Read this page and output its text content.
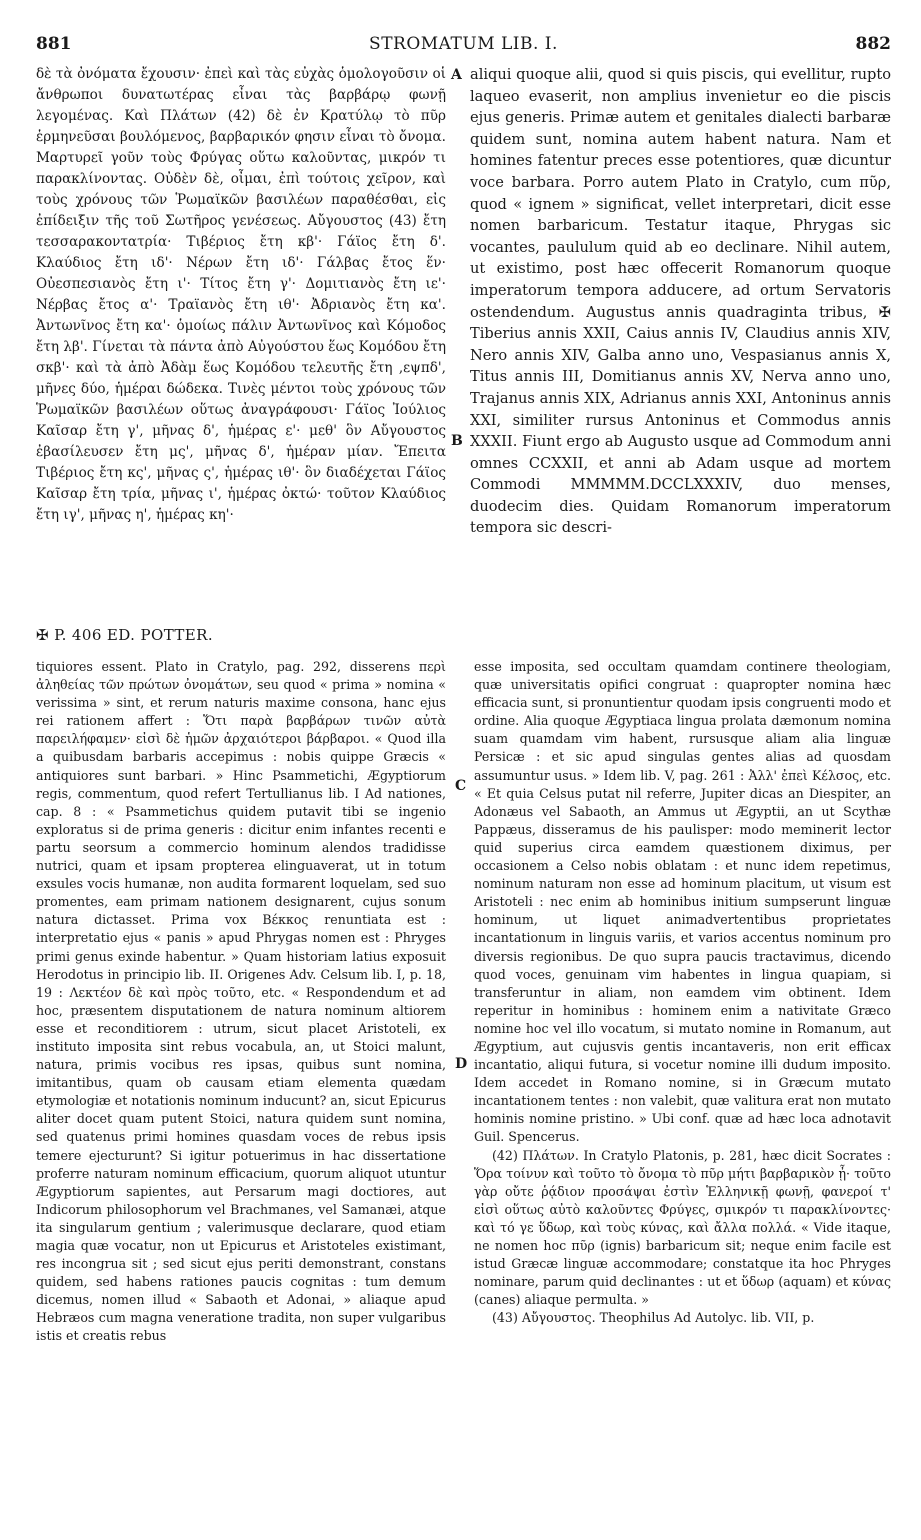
881	STROMATUM LIB. I.	882

δὲ τὰ ὀνόματα ἔχουσιν· ἐπεὶ καὶ τὰς εὐχὰς ὁμολογοῦσιν οἱ ἄνθρωποι δυνατωτέρας εἶναι τὰς βαρβάρῳ φωνῇ λεγομένας. Καὶ Πλάτων (42) δὲ ἐν Κρατύλῳ τὸ πῦρ ἑρμηνεῦσαι βουλόμενος, βαρβαρικόν φησιν εἶναι τὸ ὄνομα. Μαρτυρεῖ γοῦν τοὺς Φρύγας οὕτω καλοῦντας, μικρόν τι παρακλίνοντας. Οὐδὲν δὲ, οἶμαι, ἐπὶ τούτοις χεῖρον, καὶ τοὺς χρόνους τῶν Ῥωμαϊκῶν βασιλέων παραθέσθαι, εἰς ἐπίδειξιν τῆς τοῦ Σωτῆρος γενέσεως. Αὔγουστος (43) ἔτη τεσσαρακοντατρία· Τιβέριος ἔτη κβ'· Γάϊος ἔτη δ'. Κλαύδιος ἔτη ιδ'· Νέρων ἔτη ιδ'· Γάλβας ἔτος ἕν· Οὐεσπεσιανὸς ἔτη ι'· Τίτος ἔτη γ'· Δομιτιανὸς ἔτη ιε'· Νέρβας ἔτος α'· Τραϊανὸς ἔτη ιθ'· Ἀδριανὸς ἔτη κα'. Ἀντωνῖνος ἔτη κα'· ὁμοίως πάλιν Ἀντωνῖνος καὶ Κόμοδος ἔτη λβ'. Γίνεται τὰ πάντα ἀπὸ Αὐγούστου ἕως Κομόδου ἔτη σκβ'· καὶ τὰ ἀπὸ Ἀδὰμ ἕως Κομόδου τελευτῆς ἔτη ‚εψπδ', μῆνες δύο, ἡμέραι δώδεκα. Τινὲς μέντοι τοὺς χρόνους τῶν Ῥωμαϊκῶν βασιλέων οὕτως ἀναγράφουσι· Γάϊος Ἰούλιος Καῖσαρ ἔτη γ', μῆνας δ', ἡμέρας ε'· μεθ' ὃν Αὔγουστος ἐβασίλευσεν ἔτη μς', μῆνας δ', ἡμέραν μίαν. Ἔπειτα Τιβέριος ἔτη κς', μῆνας ς', ἡμέρας ιθ'· ὃν διαδέχεται Γάϊος Καῖσαρ ἔτη τρία, μῆνας ι', ἡμέρας ὀκτώ· τοῦτον Κλαύδιος ἔτη ιγ', μῆνας η', ἡμέρας κη'·

A
B
C
D

aliqui quoque alii, quod si quis piscis, qui evellitur, rupto laqueo evaserit, non amplius invenietur eo die piscis ejus generis. Primæ autem et genitales dialecti barbaræ quidem sunt, nomina autem habent natura. Nam et homines fatentur preces esse potentiores, quæ dicuntur voce barbara. Porro autem Plato in Cratylo, cum πῦρ, quod « ignem » significat, vellet interpretari, dicit esse nomen barbaricum. Testatur itaque, Phrygas sic vocantes, paululum quid ab eo declinare. Nihil autem, ut existimo, post hæc offecerit Romanorum quoque imperatorum tempora adducere, ad ortum Servatoris ostendendum. Augustus annis quadraginta tribus, ✠ Tiberius annis XXII, Caius annis IV, Claudius annis XIV, Nero annis XIV, Galba anno uno, Vespasianus annis X, Titus annis III, Domitianus annis XV, Nerva anno uno, Trajanus annis XIX, Adrianus annis XXI, Antoninus annis XXI, similiter rursus Antoninus et Commodus annis XXXII. Fiunt ergo ab Augusto usque ad Commodum anni omnes CCXXII, et anni ab Adam usque ad mortem Commodi MMMMM.DCCLXXXIV, duo menses, duodecim dies. Quidam Romanorum imperatorum tempora sic descri-

✠ P. 406 ED. POTTER.

tiquiores essent. Plato in Cratylo, pag. 292, disserens περὶ ἀληθείας τῶν πρώτων ὀνομάτων, seu quod « prima » nomina « verissima » sint, et rerum naturis maxime consona, hanc ejus rei rationem affert : Ὅτι παρὰ βαρβάρων τινῶν αὐτὰ παρειλήφαμεν· εἰσὶ δὲ ἡμῶν ἀρχαιότεροι βάρβαροι. « Quod illa a quibusdam barbaris accepimus : nobis quippe Græcis « antiquiores sunt barbari. » Hinc Psammetichi, Ægyptiorum regis, commentum, quod refert Tertullianus lib. I Ad nationes, cap. 8 : « Psammetichus quidem putavit tibi se ingenio exploratus si de prima generis : dicitur enim infantes recenti e partu seorsum a commercio hominum alendos tradidisse nutrici, quam et ipsam propterea elinguaverat, ut in totum exsules vocis humanæ, non audita formarent loquelam, sed suo promentes, eam primam nationem designarent, cujus sonum natura dictasset. Prima vox Βέκκος renuntiata est : interpretatio ejus « panis » apud Phrygas nomen est : Phryges primi genus exinde habentur. » Quam historiam latius exposuit Herodotus in principio lib. II. Origenes Adv. Celsum lib. I, p. 18, 19 : Λεκτέον δὲ καὶ πρὸς τοῦτο, etc. « Respondendum et ad hoc, præsentem disputationem de natura nominum altiorem esse et reconditiorem : utrum, sicut placet Aristoteli, ex instituto imposita sint rebus vocabula, an, ut Stoici malunt, natura, primis vocibus res ipsas, quibus sunt nomina, imitantibus, quam ob causam etiam elementa quædam etymologiæ et notationis nominum inducunt? an, sicut Epicurus aliter docet quam putent Stoici, natura quidem sunt nomina, sed quatenus primi homines quasdam voces de rebus ipsis temere ejecturunt? Si igitur potuerimus in hac dissertatione proferre naturam nominum efficacium, quorum aliquot utuntur Ægyptiorum sapientes, aut Persarum magi doctiores, aut Indicorum philosophorum vel Brachmanes, vel Samanæi, atque ita singularum gentium ; valerimusque declarare, quod etiam magia quæ vocatur, non ut Epicurus et Aristoteles existimant, res incongrua sit ; sed sicut ejus periti demonstrant, constans quidem, sed habens rationes paucis cognitas : tum demum dicemus, nomen illud « Sabaoth et Adonai, » aliaque apud Hebræos cum magna veneratione tradita, non super vulgaribus istis et creatis rebus

esse imposita, sed occultam quamdam continere theologiam, quæ universitatis opifici congruat : quapropter nomina hæc efficacia sunt, si pronuntientur quodam ipsis congruenti modo et ordine. Alia quoque Ægyptiaca lingua prolata dæmonum nomina suam quamdam vim habent, rursusque aliam alia linguæ Persicæ : et sic apud singulas gentes alias ad quosdam assumuntur usus. » Idem lib. V, pag. 261 : Ἀλλ' ἐπεὶ Κέλσος, etc. « Et quia Celsus putat nil referre, Jupiter dicas an Diespiter, an Adonæus vel Sabaoth, an Ammus ut Ægyptii, an ut Scythæ Pappæus, disseramus de his paulisper: modo meminerit lector quid superius circa eamdem quæstionem diximus, per occasionem a Celso nobis oblatam : et nunc idem repetimus, nominum naturam non esse ad hominum placitum, ut visum est Aristoteli : nec enim ab hominibus initium sumpserunt linguæ hominum, ut liquet animadvertentibus proprietates incantationum in linguis variis, et varios accentus nominum pro diversis regionibus. De quo supra paucis tractavimus, dicendo quod voces, genuinam vim habentes in lingua quapiam, si transferuntur in aliam, non eamdem vim obtinent. Idem reperitur in hominibus : hominem enim a nativitate Græco nomine hoc vel illo vocatum, si mutato nomine in Romanum, aut Ægyptium, aut cujusvis gentis incantaveris, non erit efficax incantatio, aliqui futura, si vocetur nomine illi dudum imposito. Idem accedet in Romano nomine, si in Græcum mutato incantationem tentes : non valebit, quæ valitura erat non mutato hominis nomine pristino. » Ubi conf. quæ ad hæc loca adnotavit Guil. Spencerus.

(42) Πλάτων. In Cratylo Platonis, p. 281, hæc dicit Socrates : Ὅρα τοίνυν καὶ τοῦτο τὸ ὄνομα τὸ πῦρ μήτι βαρβαρικὸν ᾖ· τοῦτο γὰρ οὔτε ῥᾴδιον προσάψαι ἐστὶν Ἑλληνικῇ φωνῇ, φανεροί τ' εἰσὶ οὕτως αὐτὸ καλοῦντες Φρύγες, σμικρόν τι παρακλίνοντες· καὶ τό γε ὕδωρ, καὶ τοὺς κύνας, καὶ ἄλλα πολλά. « Vide itaque, ne nomen hoc πῦρ (ignis) barbaricum sit; neque enim facile est istud Græcæ linguæ accommodare; constatque ita hoc Phryges nominare, parum quid declinantes : ut et ὕδωρ (aquam) et κύνας (canes) aliaque permulta. »

(43) Αὔγουστος. Theophilus Ad Autolyc. lib. VII, p.
